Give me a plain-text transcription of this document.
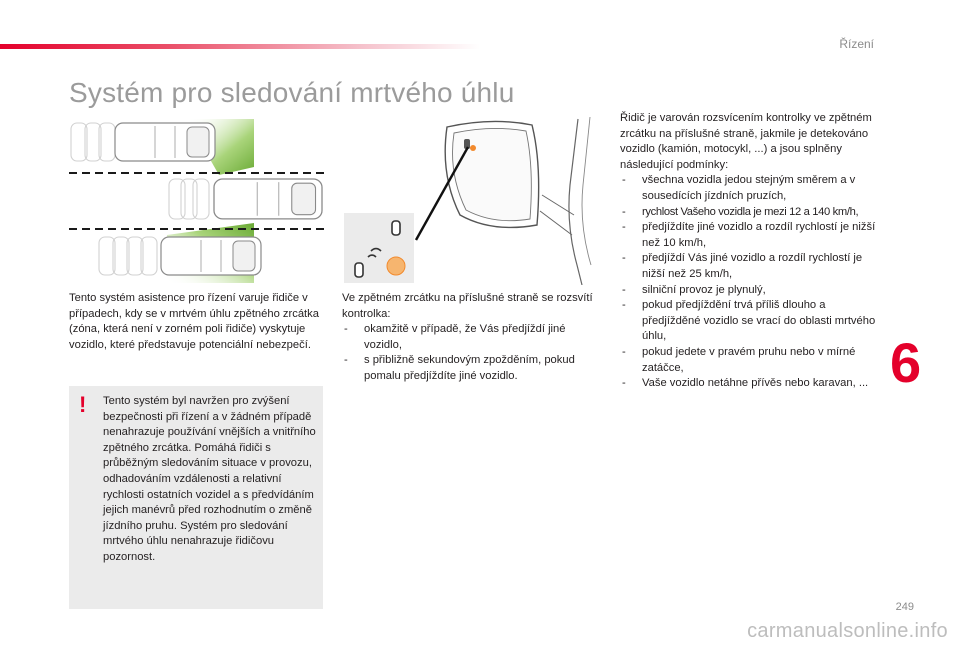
Řízení
Systém pro sledování mrtvého úhlu

Tento systém asistence pro řízení varuje řidiče v případech, kdy se v mrtvém úhlu zpětného zrcátka (zóna, která není v zorném poli řidiče) vyskytuje vozidlo, které představuje potenciální nebezpečí.

! Tento systém byl navržen pro zvýšení bezpečnosti při řízení a v žádném případě nenahrazuje používání vnějších a vnitřního zpětného zrcátka. Pomáhá řidiči s průběžným sledováním situace v provozu, odhadováním vzdálenosti a relativní rychlosti ostatních vozidel a s předvídáním jejich manévrů před rozhodnutím o změně jízdního pruhu. Systém pro sledování mrtvého úhlu nenahrazuje řidičovu pozornost.

Ve zpětném zrcátku na příslušné straně se rozsvítí kontrolka:
- okamžitě v případě, že Vás předjíždí jiné vozidlo,
- s přibližně sekundovým zpožděním, pokud pomalu předjíždíte jiné vozidlo.
Řidič je varován rozsvícením kontrolky ve zpětném zrcátku na příslušné straně, jakmile je detekováno vozidlo (kamión, motocykl, ...) a jsou splněny následující podmínky:
- všechna vozidla jedou stejným směrem a v sousedících jízdních pruzích,
- rychlost Vašeho vozidla je mezi 12 a 140 km/h,
- předjíždíte jiné vozidlo a rozdíl rychlostí je nižší než 10 km/h,
- předjíždí Vás jiné vozidlo a rozdíl rychlostí je nižší než 25 km/h,
- silniční provoz je plynulý,
- pokud předjíždění trvá příliš dlouho a předjížděné vozidlo se vrací do oblasti mrtvého úhlu,
- pokud jedete v pravém pruhu nebo v mírné zatáčce,
- Vaše vozidlo netáhne přívěs nebo karavan, ... 6
249
carmanualsonline.info
